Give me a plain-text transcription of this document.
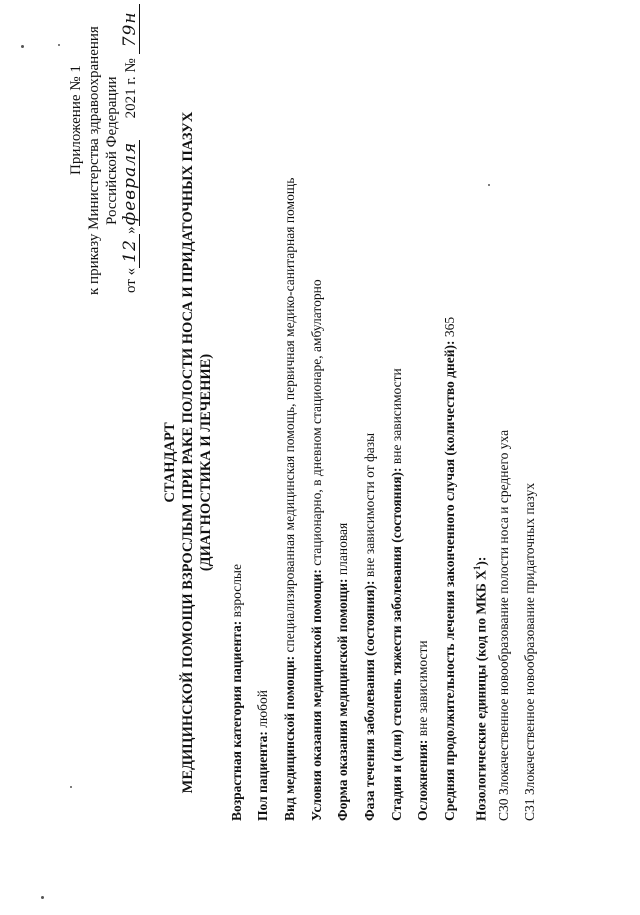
Приложение № 1 к приказу Министерства здравоохранения Российской Федерации
от «12»февраля2021 г. №79н
СТАНДАРТ МЕДИЦИНСКОЙ ПОМОЩИ ВЗРОСЛЫМ ПРИ РАКЕ ПОЛОСТИ НОСА И ПРИДАТОЧНЫХ ПАЗУХ (ДИАГНОСТИКА И ЛЕЧЕНИЕ)
Возрастная категория пациента: взрослые
Пол пациента: любой Вид медицинской помощи: специализированная медицинская помощь, первичная медико-санитарная помощь
Условия оказания медицинской помощи: стационарно, в дневном стационаре, амбулаторно
Форма оказания медицинской помощи: плановая
Фаза течения заболевания (состояния): вне зависимости от фазы Стадия и (или) степень тяжести заболевания (состояния): вне зависимости
Осложнения: вне зависимости Средняя продолжительность лечения законченного случая (количество дней): 365
Нозологические единицы (код по МКБ $X^1$):
C30Злокачественное новообразование полости носа и среднего уха
C31Злокачественное новообразование придаточных пазух
